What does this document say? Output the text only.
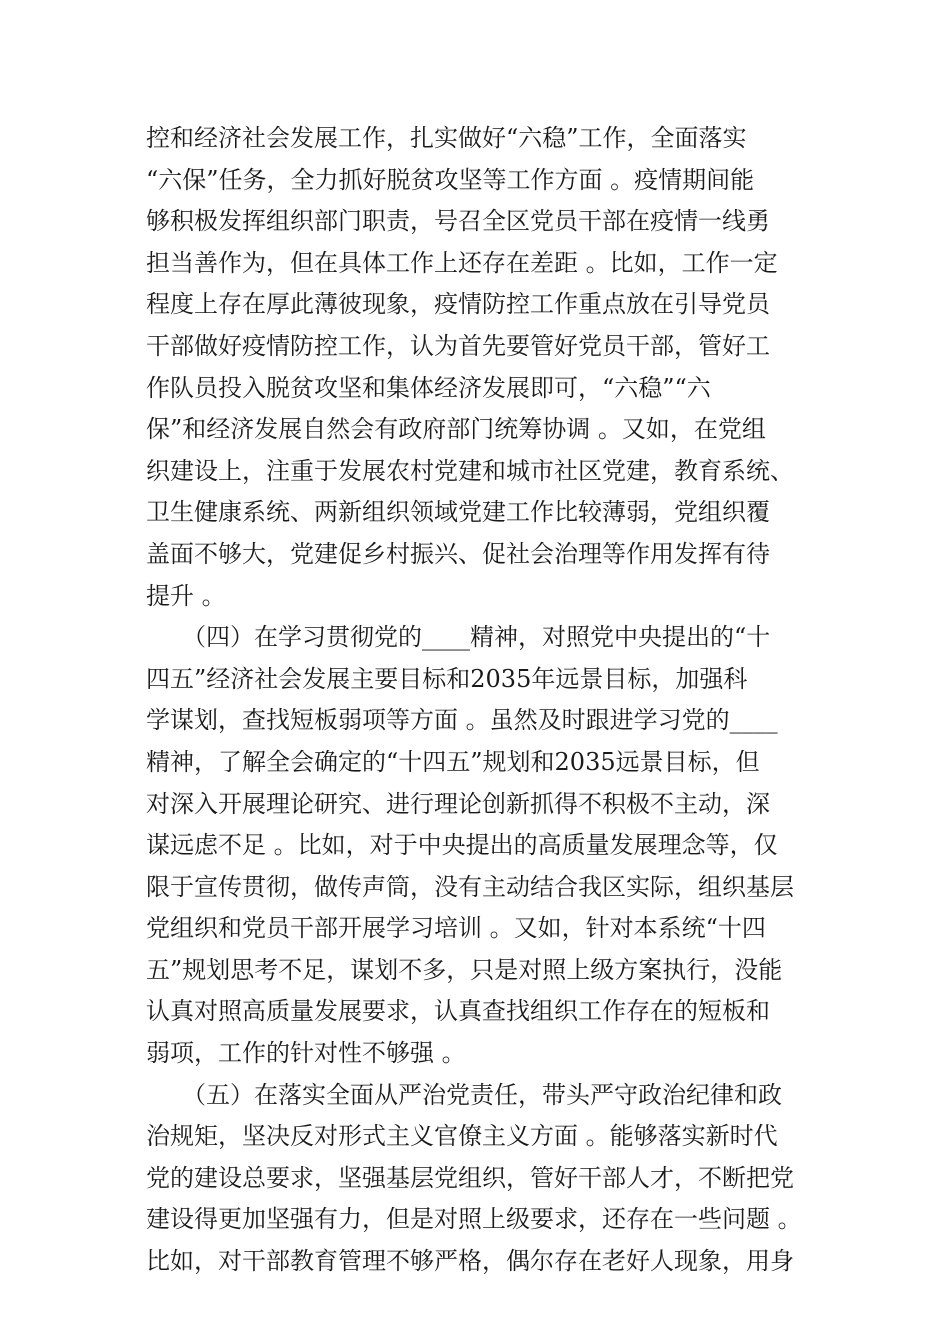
控和经济社会发展工作，扎实做好“六稳”工作，全面落实
“六保”任务，全力抓好脱贫攻坚等工作方面 。疫情期间能
够积极发挥组织部门职责，号召全区党员干部在疫情一线勇
担当善作为，但在具体工作上还存在差距 。比如，工作一定
程度上存在厚此薄彼现象，疫情防控工作重点放在引导党员
干部做好疫情防控工作，认为首先要管好党员干部，管好工
作队员投入脱贫攻坚和集体经济发展即可，“六稳”“六
保”和经济发展自然会有政府部门统筹协调 。又如，在党组
织建设上，注重于发展农村党建和城市社区党建，教育系统、
卫生健康系统、两新组织领域党建工作比较薄弱，党组织覆
盖面不够大，党建促乡村振兴、促社会治理等作用发挥有待
提升 。
　　（四）在学习贯彻党的____精神，对照党中央提出的“十
四五”经济社会发展主要目标和2035年远景目标，加强科
学谋划，查找短板弱项等方面 。虽然及时跟进学习党的____
精神，了解全会确定的“十四五”规划和2035远景目标，但
对深入开展理论研究、进行理论创新抓得不积极不主动，深
谋远虑不足 。比如，对于中央提出的高质量发展理念等，仅
限于宣传贯彻，做传声筒，没有主动结合我区实际，组织基层
党组织和党员干部开展学习培训 。又如，针对本系统“十四
五”规划思考不足，谋划不多，只是对照上级方案执行，没能
认真对照高质量发展要求，认真查找组织工作存在的短板和
弱项，工作的针对性不够强 。
　　（五）在落实全面从严治党责任，带头严守政治纪律和政
治规矩，坚决反对形式主义官僚主义方面 。能够落实新时代
党的建设总要求，坚强基层党组织，管好干部人才，不断把党
建设得更加坚强有力，但是对照上级要求，还存在一些问题 。
比如，对干部教育管理不够严格，偶尔存在老好人现象，用身
